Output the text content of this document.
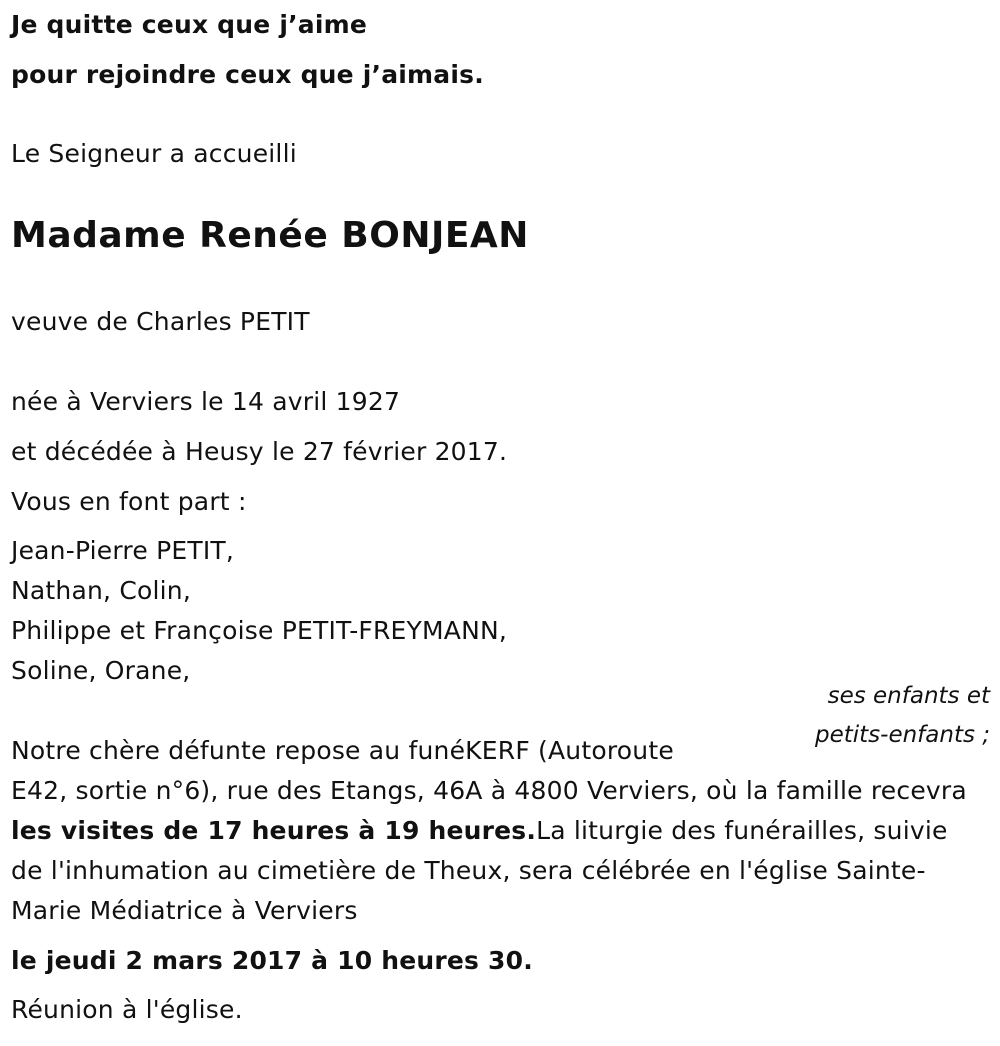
Je quitte ceux que j’aime

pour rejoindre ceux que j’aimais.

Le Seigneur a accueilli

Madame Renée BONJEAN

veuve de Charles PETIT

née à Verviers le 14 avril 1927

et décédée à Heusy le 27 février 2017.

Vous en font part :

Jean-Pierre PETIT,

Nathan, Colin,

Philippe et Françoise PETIT-FREYMANN,

Soline, Orane,

ses enfants et

petits-enfants ;

Notre chère défunte repose au funéKERF (Autoroute

E42, sortie n°6), rue des Etangs, 46A à 4800 Verviers, où la famille recevra les visites de 17 heures à 19 heures.La liturgie des funérailles, suivie de l'inhumation au cimetière de Theux, sera célébrée en l'église Sainte-Marie Médiatrice à Verviers

le jeudi 2 mars 2017 à 10 heures 30.

Réunion à l'église.
